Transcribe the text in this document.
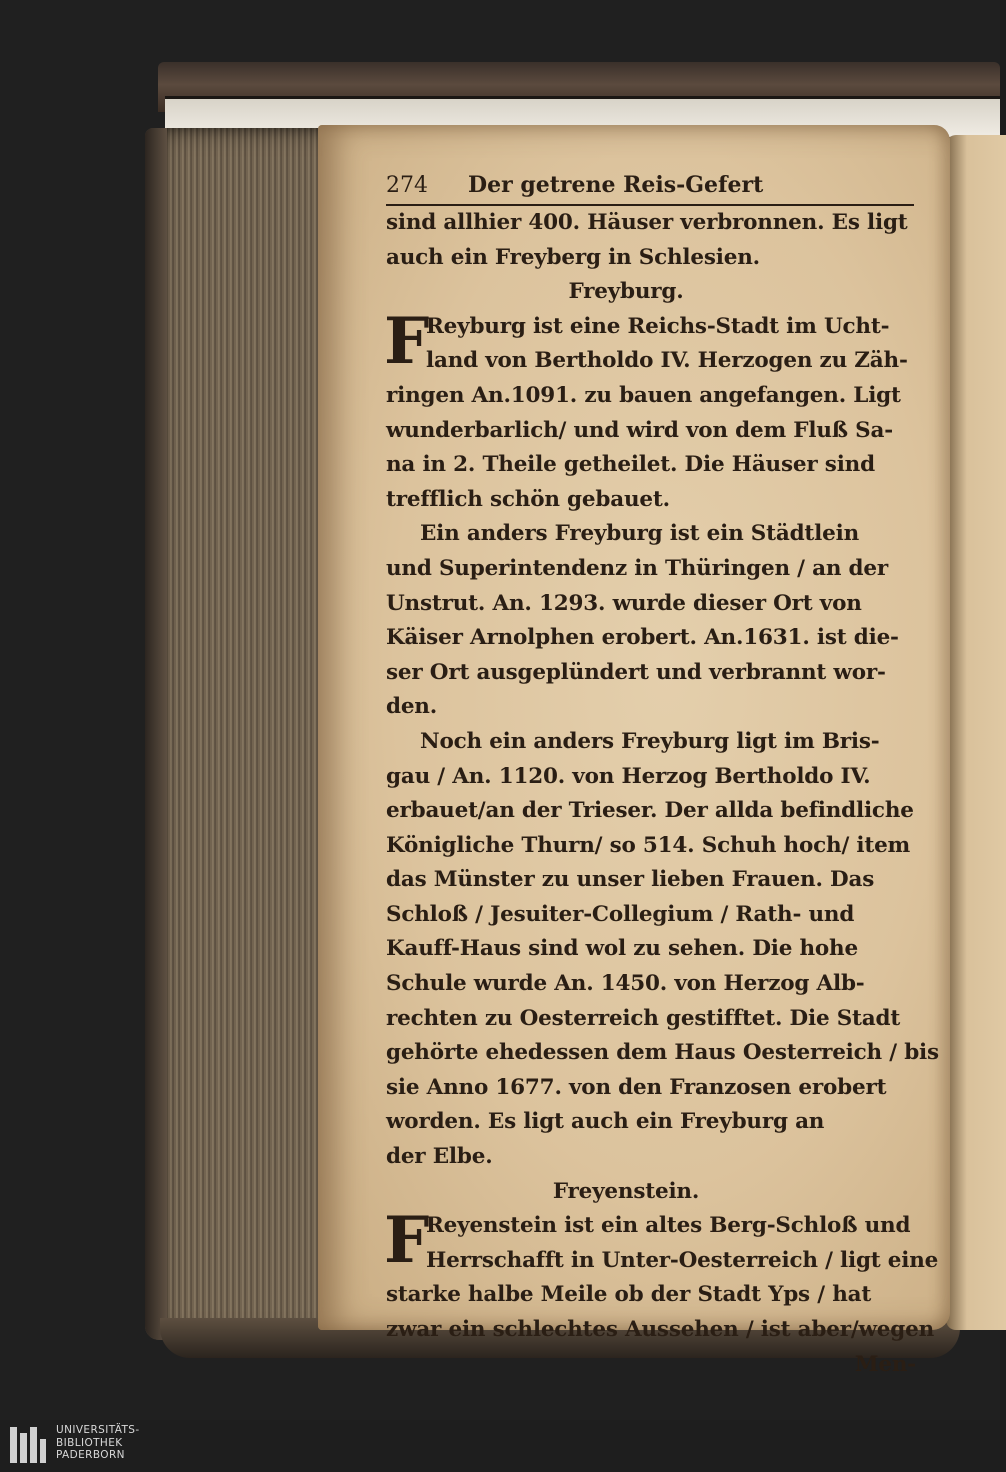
274 Der getrene Reis-Gefert
sind allhier 400. Häuser verbronnen. Es ligt
auch ein Freyberg in Schlesien.
Freyburg.
F
Reyburg ist eine Reichs-Stadt im Ucht-
land von Bertholdo IV. Herzogen zu Zäh-
ringen An.1091. zu bauen angefangen. Ligt
wunderbarlich/ und wird von dem Fluß Sa-
na in 2. Theile getheilet. Die Häuser sind
trefflich schön gebauet.
Ein anders Freyburg ist ein Städtlein
und Superintendenz in Thüringen / an der
Unstrut. An. 1293. wurde dieser Ort von
Käiser Arnolphen erobert. An.1631. ist die-
ser Ort ausgeplündert und verbrannt wor-
den.
Noch ein anders Freyburg ligt im Bris-
gau / An. 1120. von Herzog Bertholdo IV.
erbauet/an der Trieser. Der allda befindliche
Königliche Thurn/ so 514. Schuh hoch/ item
das Münster zu unser lieben Frauen. Das
Schloß / Jesuiter-Collegium / Rath- und
Kauff-Haus sind wol zu sehen. Die hohe
Schule wurde An. 1450. von Herzog Alb-
rechten zu Oesterreich gestifftet. Die Stadt
gehörte ehedessen dem Haus Oesterreich / bis
sie Anno 1677. von den Franzosen erobert
worden. Es ligt auch ein Freyburg an
der Elbe.
Freyenstein.
F
Reyenstein ist ein altes Berg-Schloß und
Herrschafft in Unter-Oesterreich / ligt eine
starke halbe Meile ob der Stadt Yps / hat
zwar ein schlechtes Aussehen / ist aber/wegen
Men-
UNIVERSITÄTS-
BIBLIOTHEK
PADERBORN
